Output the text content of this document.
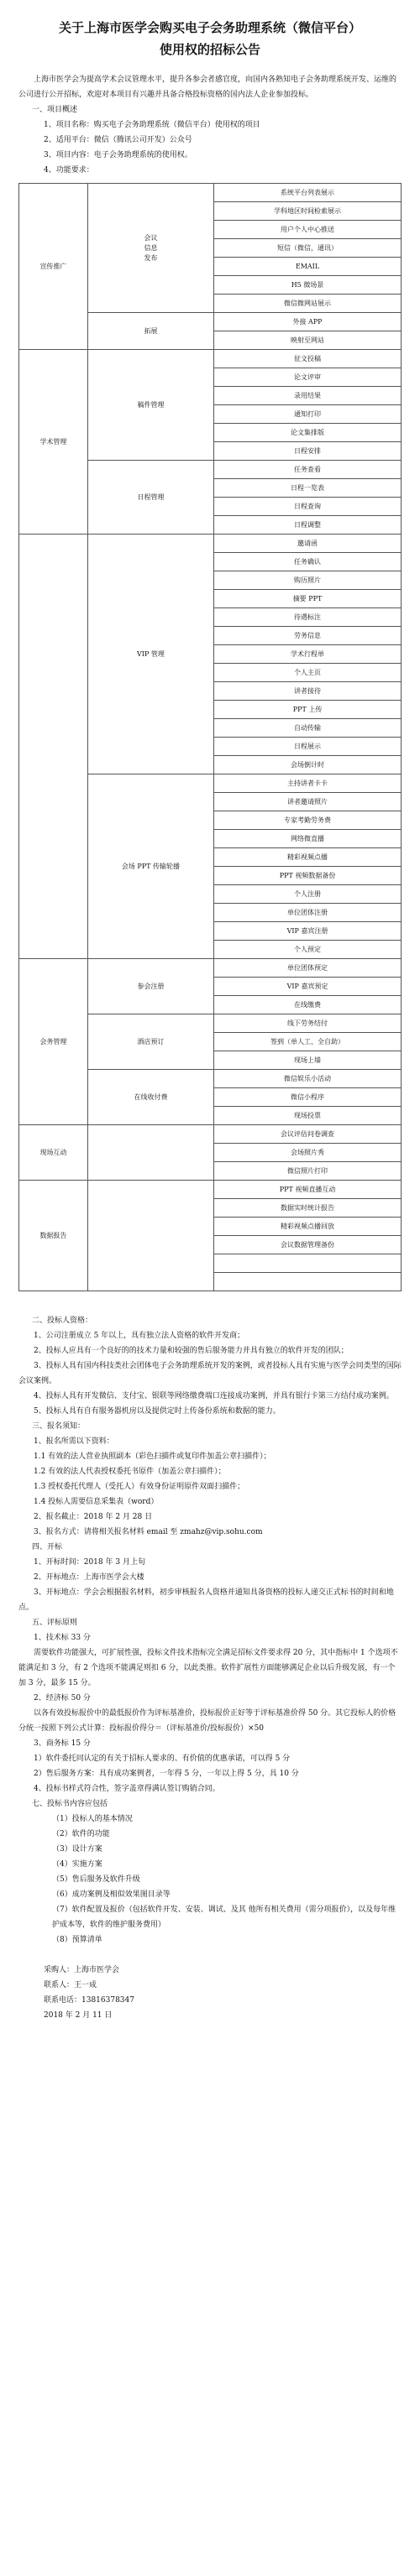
关于上海市医学会购买电子会务助理系统（微信平台）
使用权的招标公告

上海市医学会为提高学术会议管理水平，提升各参会者感官度，向国内各熟知电子会务助理系统开发、运维的公司进行公开招标，欢迎对本项目有兴趣并具备合格投标资格的国内法人企业参加投标。

一、项目概述

1、项目名称：购买电子会务助理系统（微信平台）使用权的项目

2、适用平台：微信（腾讯公司开发）公众号

3、项目内容：电子会务助理系统的使用权。

4、功能要求：

宣传推广	会议
信息
发布	系统平台列表展示
		学科地区时间检索展示
		用户个人中心推送
		短信（微信，通讯）
		EMAIL
		H5 微场景
		微信微网站展示
	拓展	外接 APP
		映射至网站
学术管理	稿件管理	征文投稿
		论文评审
		录用结果
		通知打印
		论文集排版
		日程安排
	日程管理	任务查看
		日程一览表
		日程查询
		日程调整
	VIP 管理	邀请函
		任务确认
		购历照片
		摘要 PPT
		待遇标注
		劳务信息
		学术行程单
		个人主页
		讲者接待
		PPT 上传
		自动传输
		日程展示
		会场倒计时
	会场 PPT 传输轮播	主持讲者卡卡
		讲者邀请照片
		专家考勤劳务费
		网络微直播
		精彩视频点播
		PPT 视频数据备份
		个人注册
		单位团体注册
		VIP 嘉宾注册
		个人预定
会务管理	参会注册	单位团体预定
		VIP 嘉宾预定
		在线缴费
	酒店预订	线下劳务结付
		签到（单人工、全自助）
		现场上墙
	在线收付费	微信娱乐小活动
		微信小程序
		现场投票
现场互动		会议评估问卷调查
		会场照片秀
		微信照片打印
数据报告		PPT 视频直播互动
		数据实时统计报告
		精彩视频点播回放
		会议数据管理备份

二、投标人资格：

1、公司注册成立 5 年以上，具有独立法人资格的软件开发商；

2、投标人应具有一个良好的的技术力量和较强的售后服务能力并具有独立的软件开发的团队；

3、投标人具有国内科技类社会团体电子会务助理系统开发的案例，或者投标人具有实施与医学会同类型的国际会议案例。

4、投标人具有开发微信、支付宝、银联等网络缴费端口连接成功案例，并具有银行卡第三方结付成功案例。

5、投标人具有自有服务器机房以及提供定时上传备份系统和数据的能力。

三、报名须知：

1、报名所需以下资料：

1.1 有效的法人营业执照副本（彩色扫描件或复印件加盖公章扫描件）；

1.2 有效的法人代表授权委托书原件（加盖公章扫描件）；

1.3 授权委托代理人（受托人）有效身份证明原件双面扫描件；

1.4 投标人需要信息采集表（word）

2、报名截止：2018 年 2 月 28 日

3、报名方式：请将相关报名材料 email 至 zmahz@vip.sohu.com

四、开标

1、开标时间：2018 年 3 月上旬

2、开标地点：上海市医学会大楼

3、开标地点：学会会根据报名材料，初步审核报名人资格并通知具备资格的投标人递交正式标书的时间和地点。

五、评标原则

1、技术标 33 分

需要软件功能强大，可扩展性强，投标文件技术指标完全满足招标文件要求得 20 分，其中指标中 1 个选项不能满足扣 3 分，有 2 个选项不能满足则扣 6 分，以此类推。软件扩展性方面能够满足企业以后升级发展，有一个加 3 分，最多 15 分。

2、经济标 50 分

以各有效投标报价中的最低报价作为评标基准价，投标报价正好等于评标基准价得 50 分。其它投标人的价格分统一按照下列公式计算：投标报价得分＝（评标基准价/投标报价）×50

3、商务标 15 分

1）软件委托同认定的有关于招标人要求的、有价值的优惠承诺，可以得 5 分

2）售后服务方案：具有成功案例者，一年得 5 分，一年以上得 5 分，具 10 分

4、投标书样式符合性，签字盖章得满认签订购销合同。

七、投标书内容应包括

（1）投标人的基本情况

（2）软件的功能

（3）设计方案

（4）实施方案

（5）售后服务及软件升级

（6）成功案例及相似效果图目录等

（7）软件配置及报价（包括软件开发、安装、调试、及其 他所有相关费用（需分项报价），以及每年维护成本等，软件的维护服务费用）

（8）预算清单

采购人：上海市医学会

联系人：王一成

联系电话：13816378347

2018 年 2 月 11 日
